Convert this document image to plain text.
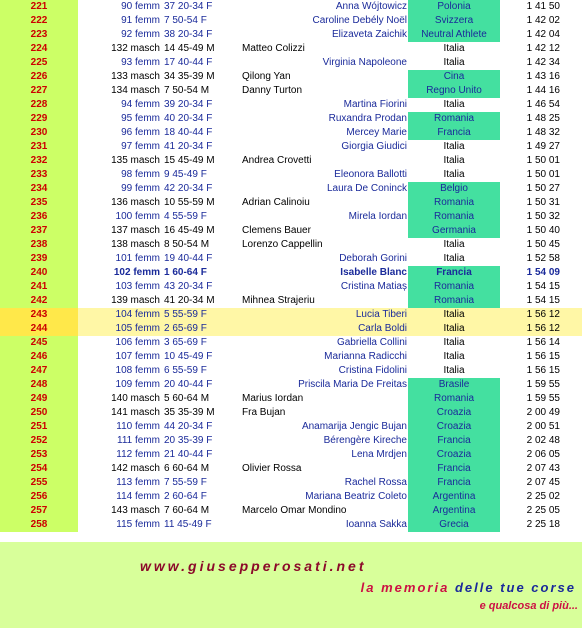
221	90 femm 37 20-34 F	Anna Wójtowicz	Polonia	1 41 50
222	91 femm 7 50-54 F	Caroline Debély Noël	Svizzera	1 42 02
223	92 femm 38 20-34 F	Elizaveta Zaichik	Neutral Athlete	1 42 04
224	132 masch 14 45-49 M	Matteo Colizzi	Italia	1 42 12
225	93 femm 17 40-44 F	Virginia Napoleone	Italia	1 42 34
226	133 masch 34 35-39 M	Qilong Yan	Cina	1 43 16
227	134 masch 7 50-54 M	Danny Turton	Regno Unito	1 44 16
228	94 femm 39 20-34 F	Martina Fiorini	Italia	1 46 54
229	95 femm 40 20-34 F	Ruxandra Prodan	Romania	1 48 25
230	96 femm 18 40-44 F	Mercey Marie	Francia	1 48 32
231	97 femm 41 20-34 F	Giorgia Giudici	Italia	1 49 27
232	135 masch 15 45-49 M	Andrea Crovetti	Italia	1 50 01
233	98 femm 9 45-49 F	Eleonora Ballotti	Italia	1 50 01
234	99 femm 42 20-34 F	Laura De Coninck	Belgio	1 50 27
235	136 masch 10 55-59 M	Adrian Calinoiu	Romania	1 50 31
236	100 femm 4 55-59 F	Mirela Iordan	Romania	1 50 32
237	137 masch 16 45-49 M	Clemens Bauer	Germania	1 50 40
238	138 masch 8 50-54 M	Lorenzo Cappellin	Italia	1 50 45
239	101 femm 19 40-44 F	Deborah Gorini	Italia	1 52 58
240	102 femm 1 60-64 F	Isabelle Blanc	Francia	1 54 09
241	103 femm 43 20-34 F	Cristina Matiaș	Romania	1 54 15
242	139 masch 41 20-34 M	Mihnea Strajeriu	Romania	1 54 15
243	104 femm 5 55-59 F	Lucia Tiberi	Italia	1 56 12
244	105 femm 2 65-69 F	Carla Boldi	Italia	1 56 12
245	106 femm 3 65-69 F	Gabriella Collini	Italia	1 56 14
246	107 femm 10 45-49 F	Marianna Radicchi	Italia	1 56 15
247	108 femm 6 55-59 F	Cristina Fidolini	Italia	1 56 15
248	109 femm 20 40-44 F	Priscila Maria De Freitas	Brasile	1 59 55
249	140 masch 5 60-64 M	Marius Iordan	Romania	1 59 55
250	141 masch 35 35-39 M	Fra Bujan	Croazia	2 00 49
251	110 femm 44 20-34 F	Anamarija Jengic Bujan	Croazia	2 00 51
252	111 femm 20 35-39 F	Bérengère Kireche	Francia	2 02 48
253	112 femm 21 40-44 F	Lena Mrdjen	Croazia	2 06 05
254	142 masch 6 60-64 M	Olivier Rossa	Francia	2 07 43
255	113 femm 7 55-59 F	Rachel Rossa	Francia	2 07 45
256	114 femm 2 60-64 F	Mariana Beatriz Coleto	Argentina	2 25 02
257	143 masch 7 60-64 M	Marcelo Omar Mondino	Argentina	2 25 05
258	115 femm 11 45-49 F	Ioanna Sakka	Grecia	2 25 18
www.giusepperosati.net
la memoria delle tue corse
e qualcosa di più...
